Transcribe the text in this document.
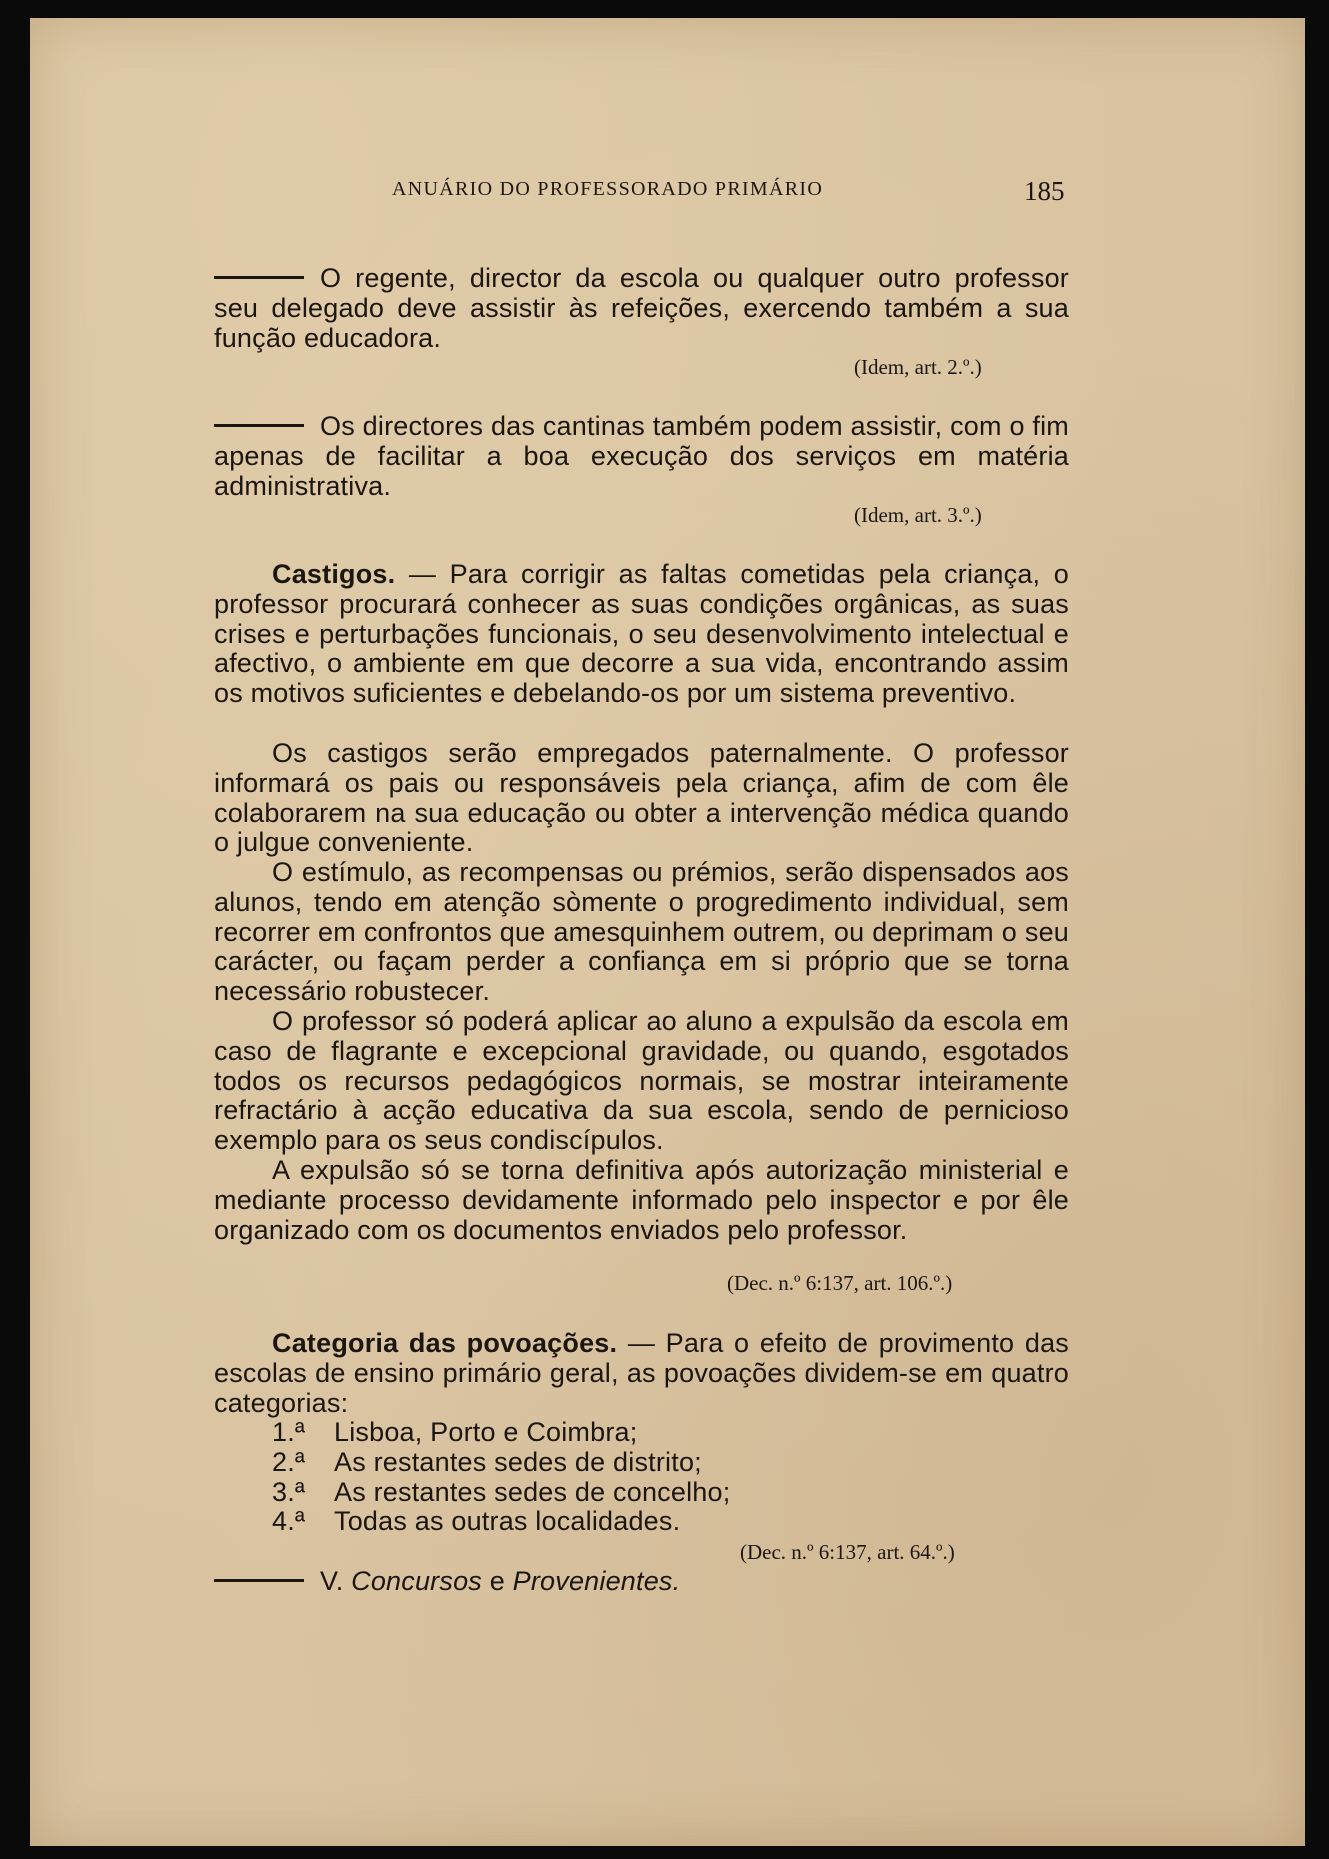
ANUÁRIO DO PROFESSORADO PRIMÁRIO	185

O regente, director da escola ou qualquer outro professor seu delegado deve assistir às refeições, exercendo também a sua função educadora.

(Idem, art. 2.º.)

Os directores das cantinas também podem assistir, com o fim apenas de facilitar a boa execução dos serviços em matéria administrativa.

(Idem, art. 3.º.)

Castigos. — Para corrigir as faltas cometidas pela criança, o professor procurará conhecer as suas condições orgânicas, as suas crises e perturbações funcionais, o seu desenvolvimento intelectual e afectivo, o ambiente em que decorre a sua vida, encontrando assim os motivos suficientes e debelando-os por um sistema preventivo.

Os castigos serão empregados paternalmente. O professor informará os pais ou responsáveis pela criança, afim de com êle colaborarem na sua educação ou obter a intervenção médica quando o julgue conveniente.

O estímulo, as recompensas ou prémios, serão dispensados aos alunos, tendo em atenção sòmente o progredimento individual, sem recorrer em confrontos que amesquinhem outrem, ou deprimam o seu carácter, ou façam perder a confiança em si próprio que se torna necessário robustecer.

O professor só poderá aplicar ao aluno a expulsão da escola em caso de flagrante e excepcional gravidade, ou quando, esgotados todos os recursos pedagógicos normais, se mostrar inteiramente refractário à acção educativa da sua escola, sendo de pernicioso exemplo para os seus condiscípulos.

A expulsão só se torna definitiva após autorização ministerial e mediante processo devidamente informado pelo inspector e por êle organizado com os documentos enviados pelo professor.

(Dec. n.º 6:137, art. 106.º.)

Categoria das povoações. — Para o efeito de provimento das escolas de ensino primário geral, as povoações dividem-se em quatro categorias:

1.ª Lisboa, Porto e Coimbra;
2.ª As restantes sedes de distrito;
3.ª As restantes sedes de concelho;
4.ª Todas as outras localidades.
(Dec. n.º 6:137, art. 64.º.)
V. Concursos e Provenientes.
